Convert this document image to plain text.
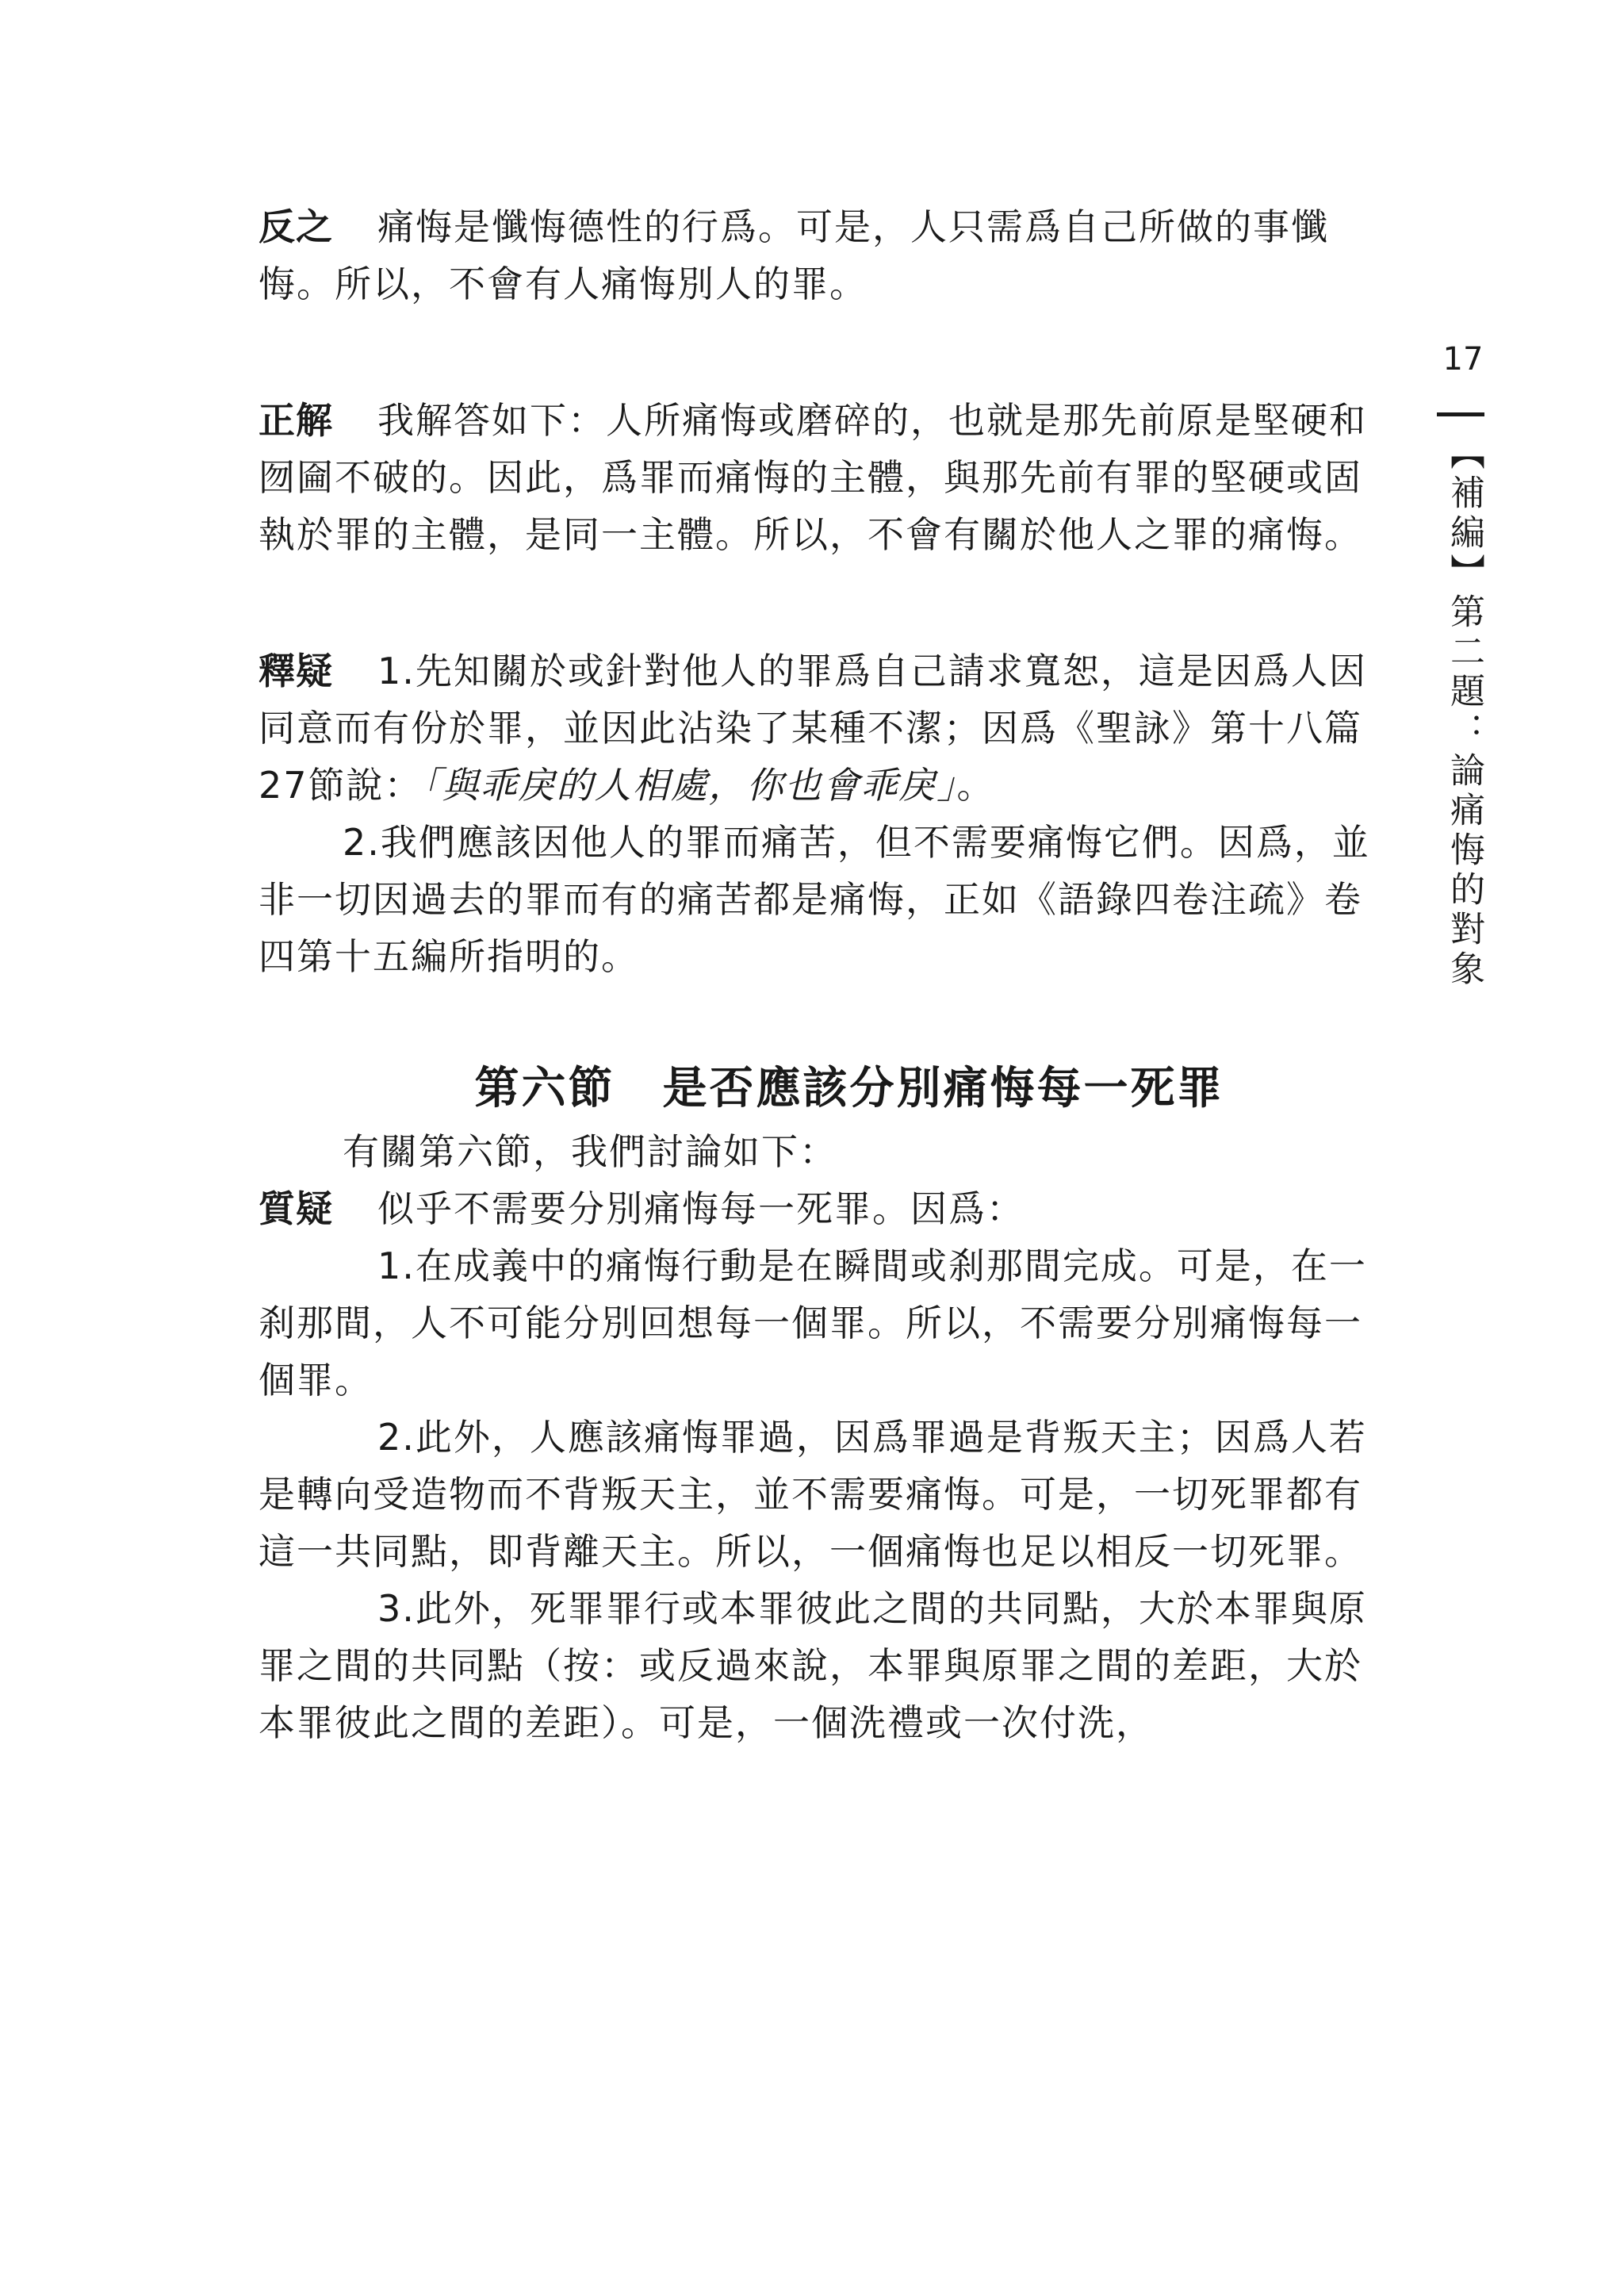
17
【補編】第二題：論痛悔的對象

反之 痛悔是懺悔德性的行爲。可是，人只需爲自己所做的事懺悔。所以，不會有人痛悔別人的罪。

正解 我解答如下：人所痛悔或磨碎的，也就是那先前原是堅硬和囫圇不破的。因此，爲罪而痛悔的主體，與那先前有罪的堅硬或固執於罪的主體，是同一主體。所以，不會有關於他人之罪的痛悔。

釋疑 1.先知關於或針對他人的罪爲自己請求寬恕，這是因爲人因同意而有份於罪，並因此沾染了某種不潔；因爲《聖詠》第十八篇27節說：「與乖戾的人相處，你也會乖戾」。

2.我們應該因他人的罪而痛苦，但不需要痛悔它們。因爲，並非一切因過去的罪而有的痛苦都是痛悔，正如《語錄四卷注疏》卷四第十五編所指明的。

第六節 是否應該分別痛悔每一死罪

有關第六節，我們討論如下：

質疑 似乎不需要分別痛悔每一死罪。因爲：

1.在成義中的痛悔行動是在瞬間或刹那間完成。可是，在一刹那間，人不可能分別回想每一個罪。所以，不需要分別痛悔每一個罪。

2.此外，人應該痛悔罪過，因爲罪過是背叛天主；因爲人若是轉向受造物而不背叛天主，並不需要痛悔。可是，一切死罪都有這一共同點，即背離天主。所以，一個痛悔也足以相反一切死罪。

3.此外，死罪罪行或本罪彼此之間的共同點，大於本罪與原罪之間的共同點（按：或反過來說，本罪與原罪之間的差距，大於本罪彼此之間的差距）。可是，一個洗禮或一次付洗，
